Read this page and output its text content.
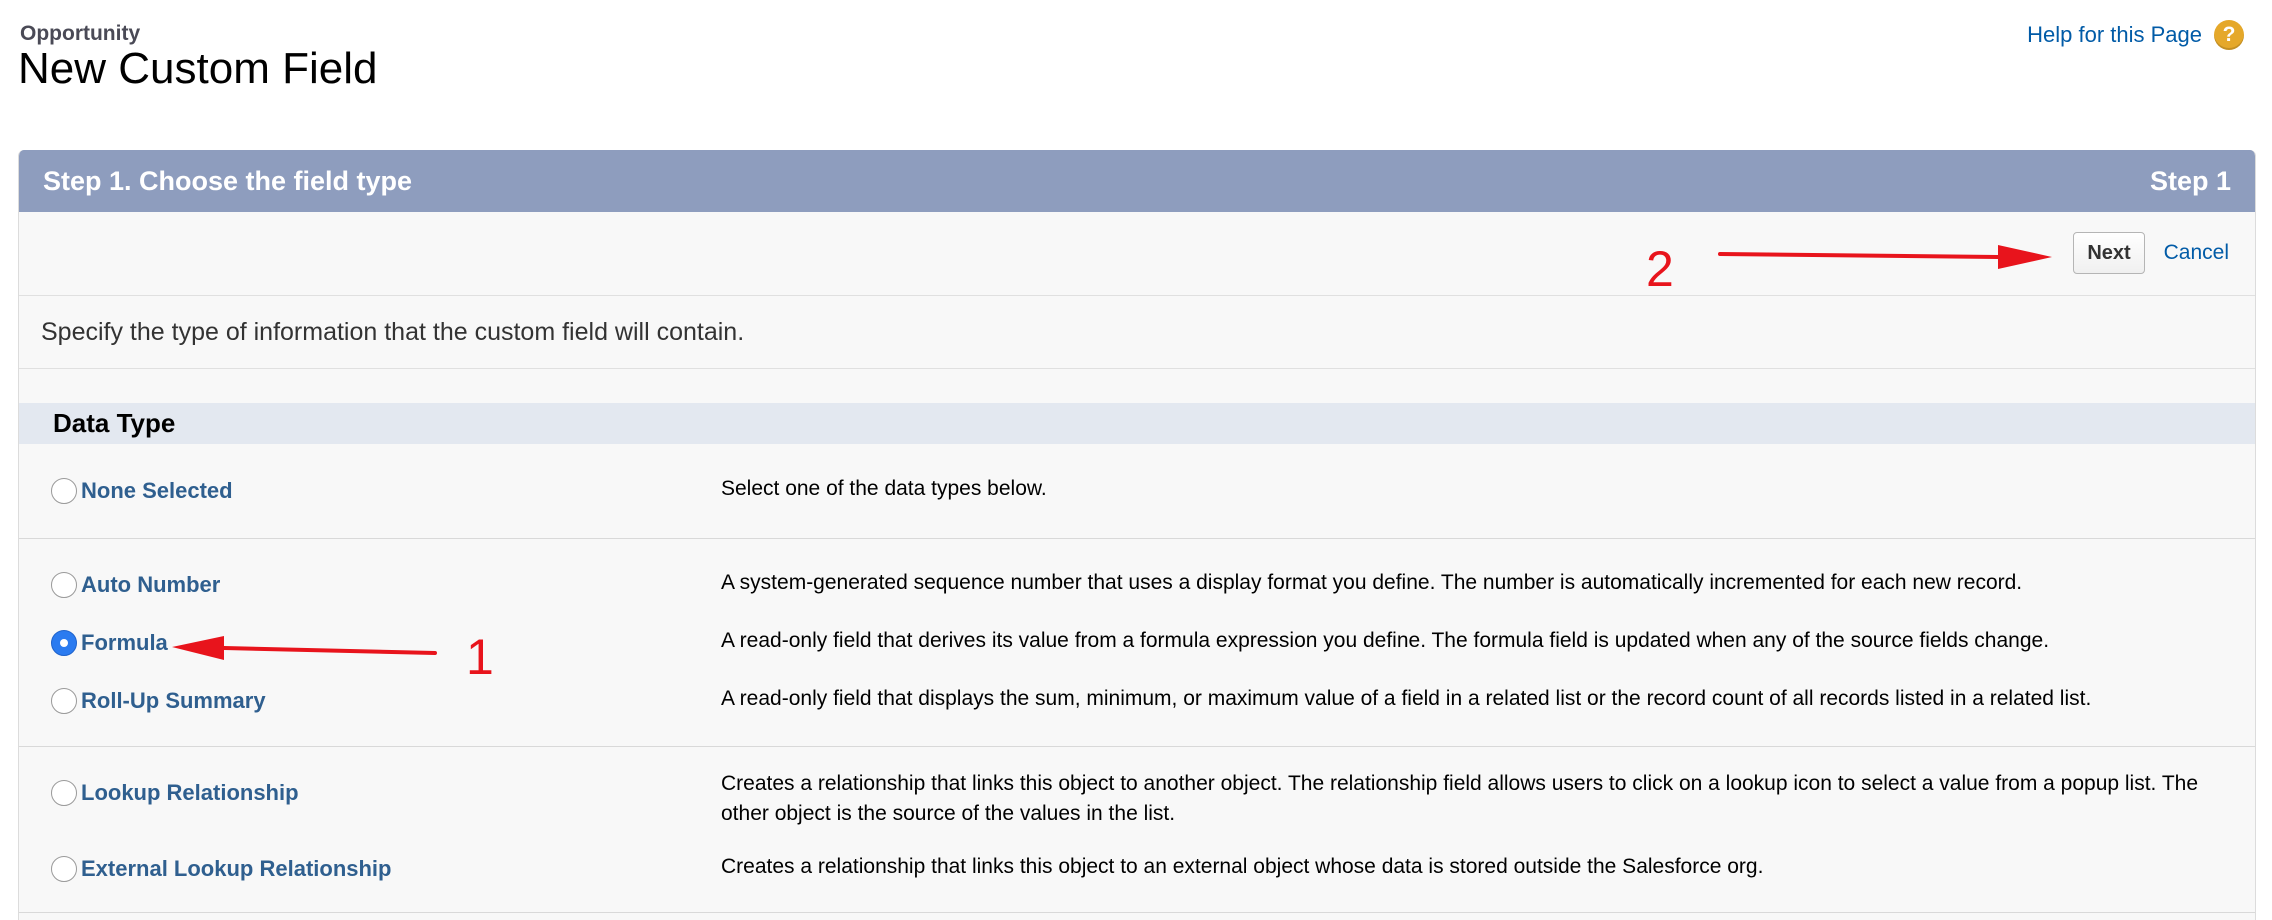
Opportunity
New Custom Field
Help for this Page ?
Step 1. Choose the field type	Step 1
Next	Cancel
Specify the type of information that the custom field will contain.
Data Type
None Selected	Select one of the data types below.
Auto Number	A system-generated sequence number that uses a display format you define. The number is automatically incremented for each new record.
Formula	A read-only field that derives its value from a formula expression you define. The formula field is updated when any of the source fields change.
Roll-Up Summary	A read-only field that displays the sum, minimum, or maximum value of a field in a related list or the record count of all records listed in a related list.
Lookup Relationship	Creates a relationship that links this object to another object. The relationship field allows users to click on a lookup icon to select a value from a popup list. The other object is the source of the values in the list.
External Lookup Relationship	Creates a relationship that links this object to an external object whose data is stored outside the Salesforce org.
2
1
